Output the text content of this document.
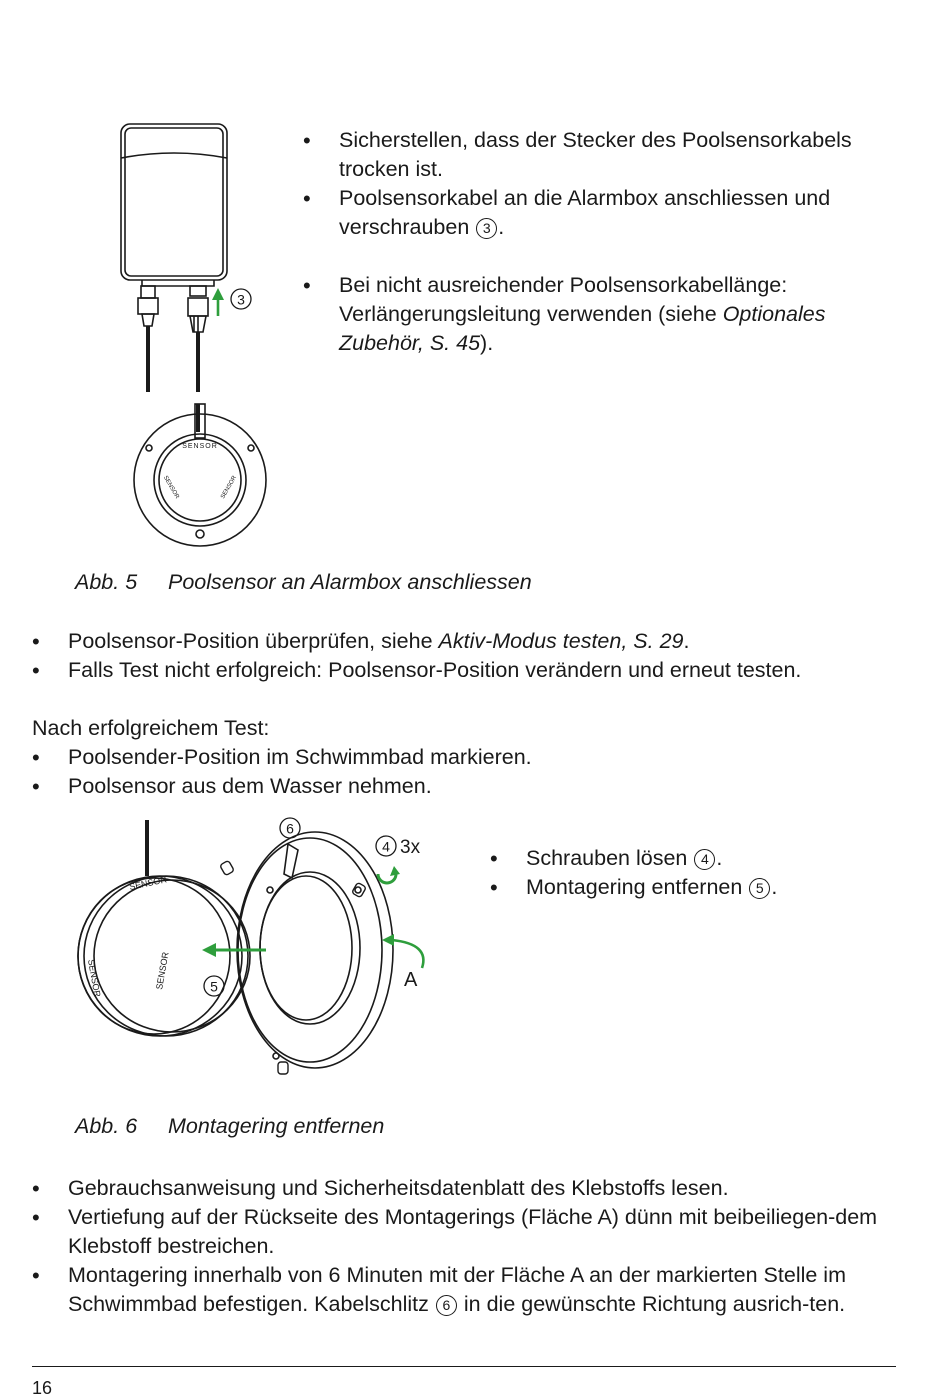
3
SENSOR
SENSOR	SENSOR
• Sicherstellen, dass der Stecker des Poolsensorkabels trocken ist.
• Poolsensorkabel an die Alarmbox anschliessen und verschrauben 3 .
• Bei nicht ausreichender Poolsensorkabellänge: Verlängerungsleitung verwenden (siehe Optionales Zubehör, S. 45).
Abb. 5 Poolsensor an Alarmbox anschliessen
• Poolsensor-Position überprüfen, siehe Aktiv-Modus testen, S. 29.
• Falls Test nicht erfolgreich: Poolsensor-Position verändern und erneut testen.
Nach erfolgreichem Test:
• Poolsender-Position im Schwimmbad markieren.
• Poolsensor aus dem Wasser nehmen.
SENSOR
SENSOR	SENSOR
6
4 3x
A
5
• Schrauben lösen 4 .
• Montagering entfernen 5 .
Abb. 6 Montagering entfernen
• Gebrauchsanweisung und Sicherheitsdatenblatt des Klebstoffs lesen.
• Vertiefung auf der Rückseite des Montagerings (Fläche A) dünn mit beibeiliegen-dem Klebstoff bestreichen.
• Montagering innerhalb von 6 Minuten mit der Fläche A an der markierten Stelle im Schwimmbad befestigen. Kabelschlitz 6 in die gewünschte Richtung ausrich-ten.
16
